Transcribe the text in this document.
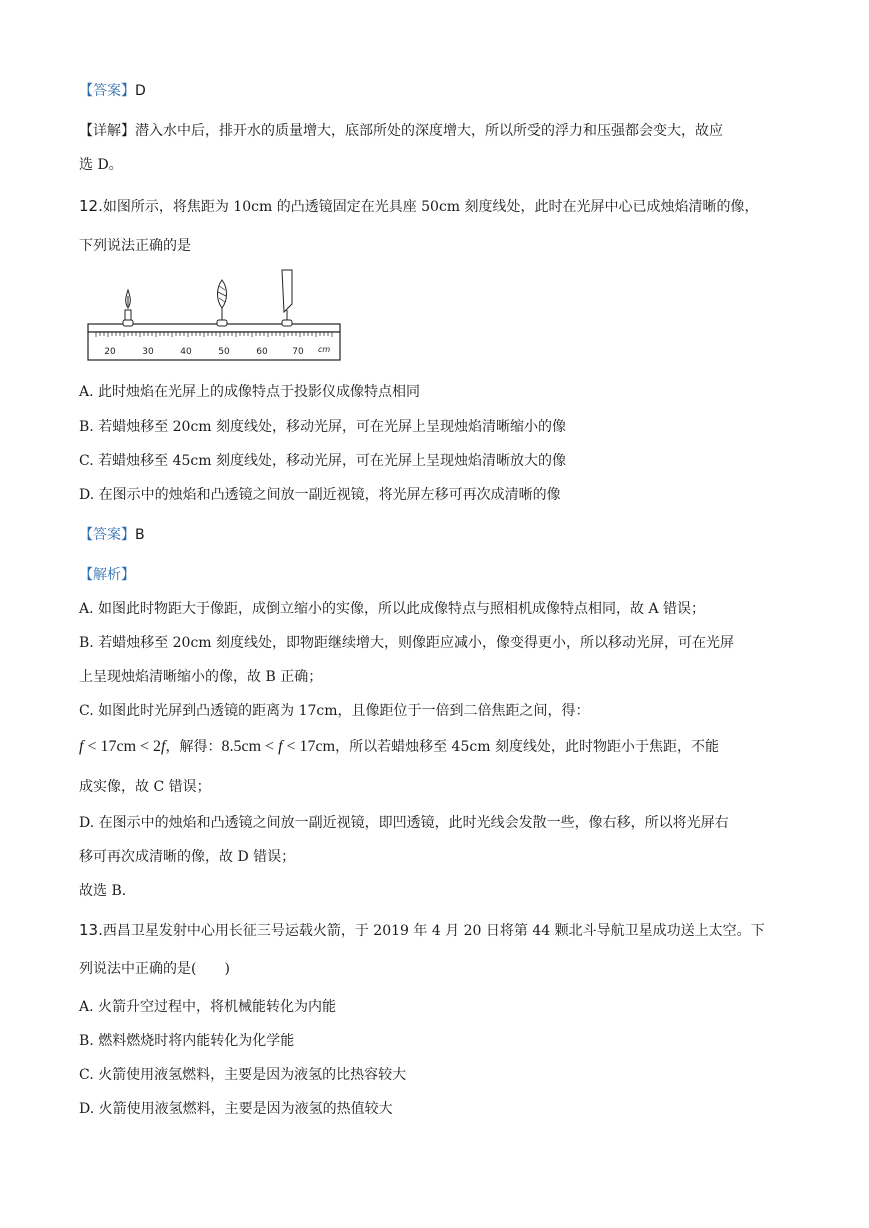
【答案】D
【详解】潜入水中后，排开水的质量增大，底部所处的深度增大，所以所受的浮力和压强都会变大，故应
选 D。
12.如图所示，将焦距为 10cm 的凸透镜固定在光具座 50cm 刻度线处，此时在光屏中心已成烛焰清晰的像，
下列说法正确的是
20	30	40	50	60	70 cm
A. 此时烛焰在光屏上的成像特点于投影仪成像特点相同
B. 若蜡烛移至 20cm 刻度线处，移动光屏，可在光屏上呈现烛焰清晰缩小的像
C. 若蜡烛移至 45cm 刻度线处，移动光屏，可在光屏上呈现烛焰清晰放大的像
D. 在图示中的烛焰和凸透镜之间放一副近视镜，将光屏左移可再次成清晰的像
【答案】B
【解析】
A. 如图此时物距大于像距，成倒立缩小的实像，所以此成像特点与照相机成像特点相同，故 A 错误；
B. 若蜡烛移至 20cm 刻度线处，即物距继续增大，则像距应减小，像变得更小，所以移动光屏，可在光屏
上呈现烛焰清晰缩小的像，故 B 正确；
C. 如图此时光屏到凸透镜的距离为 17cm，且像距位于一倍到二倍焦距之间，得：
f < 17cm < 2f，解得：8.5cm < f < 17cm，所以若蜡烛移至 45cm 刻度线处，此时物距小于焦距，不能
成实像，故 C 错误；
D. 在图示中的烛焰和凸透镜之间放一副近视镜，即凹透镜，此时光线会发散一些，像右移，所以将光屏右
移可再次成清晰的像，故 D 错误；
故选 B．
13.西昌卫星发射中心用长征三号运载火箭，于 2019 年 4 月 20 日将第 44 颗北斗导航卫星成功送上太空。下
列说法中正确的是(　　)
A. 火箭升空过程中，将机械能转化为内能
B. 燃料燃烧时将内能转化为化学能
C. 火箭使用液氢燃料，主要是因为液氢的比热容较大
D. 火箭使用液氢燃料，主要是因为液氢的热值较大
